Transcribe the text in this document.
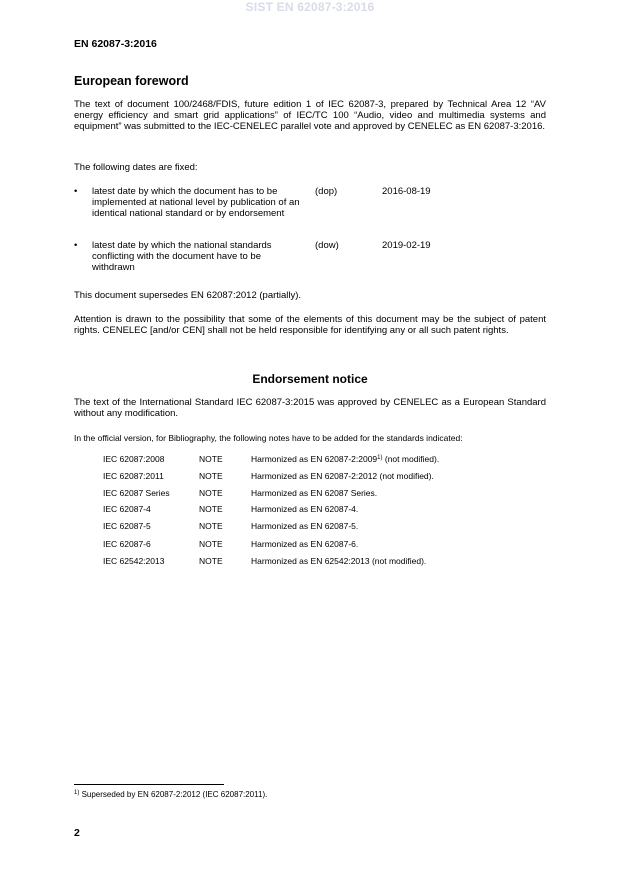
SIST EN 62087-3:2016
EN 62087-3:2016
European foreword

The text of document 100/2468/FDIS, future edition 1 of IEC 62087-3, prepared by Technical Area 12 “AV energy efficiency and smart grid applications” of IEC/TC 100 “Audio, video and multimedia systems and equipment” was submitted to the IEC-CENELEC parallel vote and approved by CENELEC as EN 62087-3:2016.

The following dates are fixed:

• latest date by which the document has to be implemented at national level by publication of an identical national standard or by endorsement
(dop)	2016-08-19
• latest date by which the national standards conflicting with the document have to be withdrawn
(dow)	2019-02-19

This document supersedes EN 62087:2012 (partially).

Attention is drawn to the possibility that some of the elements of this document may be the subject of patent rights. CENELEC [and/or CEN] shall not be held responsible for identifying any or all such patent rights.

Endorsement notice

The text of the International Standard IEC 62087-3:2015 was approved by CENELEC as a European Standard without any modification.

In the official version, for Bibliography, the following notes have to be added for the standards indicated:

IEC 62087:2008	NOTE	Harmonized as EN 62087-2:2009$^{1)}$ (not modified).
IEC 62087:2011	NOTE	Harmonized as EN 62087-2:2012 (not modified).
IEC 62087 Series	NOTE	Harmonized as EN 62087 Series.
IEC 62087-4	NOTE	Harmonized as EN 62087-4.
IEC 62087-5	NOTE	Harmonized as EN 62087-5.
IEC 62087-6	NOTE	Harmonized as EN 62087-6.
IEC 62542:2013	NOTE	Harmonized as EN 62542:2013 (not modified).
$^{1)}$ Superseded by EN 62087-2:2012 (IEC 62087:2011).
2
